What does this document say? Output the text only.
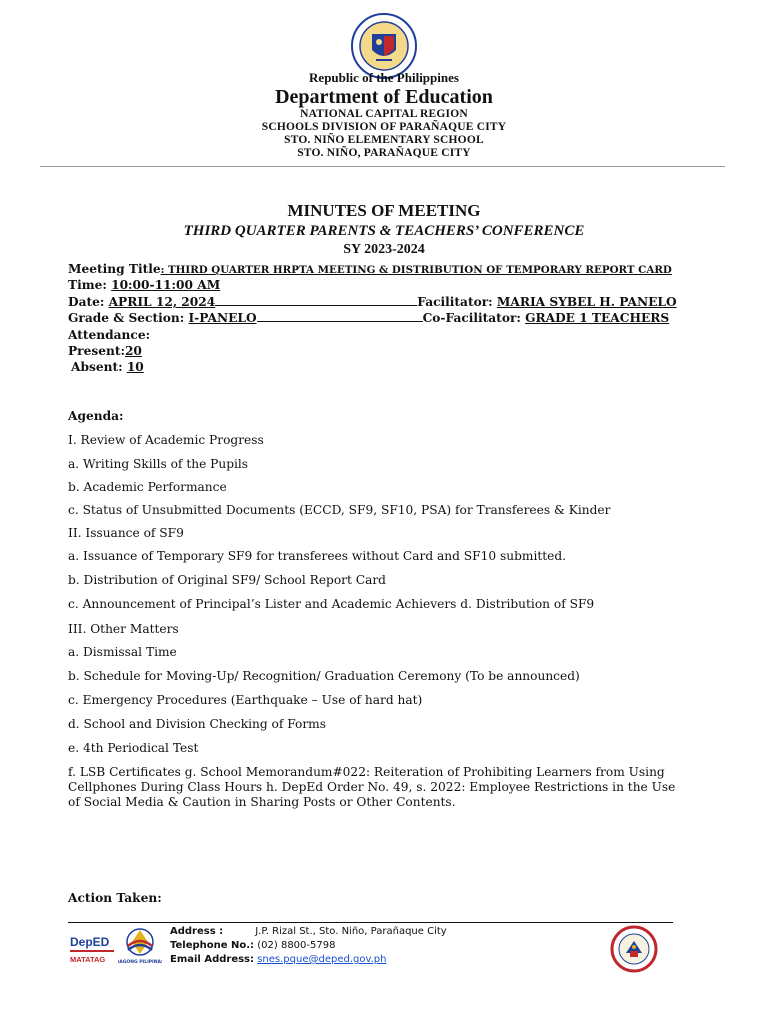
Republic of the Philippines
Department of Education
NATIONAL CAPITAL REGION
SCHOOLS DIVISION OF PARAÑAQUE CITY
STO. NIÑO ELEMENTARY SCHOOL
STO. NIÑO, PARAÑAQUE CITY
MINUTES OF MEETING
THIRD QUARTER PARENTS & TEACHERS’ CONFERENCE
SY 2023-2024
Meeting Title: THIRD QUARTER HRPTA MEETING & DISTRIBUTION OF TEMPORARY REPORT CARD
Time: 10:00-11:00 AM
Date: APRIL 12, 2024	Facilitator: MARIA SYBEL H. PANELO
Grade & Section: I-PANELO	Co-Facilitator: GRADE 1 TEACHERS
Attendance:
Present:20
Absent: 10
Agenda:
I. Review of Academic Progress
a. Writing Skills of the Pupils
b. Academic Performance
c. Status of Unsubmitted Documents (ECCD, SF9, SF10, PSA) for Transferees & Kinder
II. Issuance of SF9
a. Issuance of Temporary SF9 for transferees without Card and SF10 submitted.
b. Distribution of Original SF9/ School Report Card
c. Announcement of Principal’s Lister and Academic Achievers d. Distribution of SF9
III. Other Matters
a. Dismissal Time
b. Schedule for Moving-Up/ Recognition/ Graduation Ceremony (To be announced)
c. Emergency Procedures (Earthquake – Use of hard hat)
d. School and Division Checking of Forms
e. 4th Periodical Test
f. LSB Certificates g. School Memorandum#022: Reiteration of Prohibiting Learners from Using Cellphones During Class Hours h. DepEd Order No. 49, s. 2022: Employee Restrictions in the Use of Social Media & Caution in Sharing Posts or Other Contents.
Action Taken:
DepED
MATATAG BAGONG PILIPINAS
Address :	J.P. Rizal St., Sto. Niño, Parañaque City
Telephone No.: (02) 8800-5798
Email Address: snes.pque@deped.gov.ph
